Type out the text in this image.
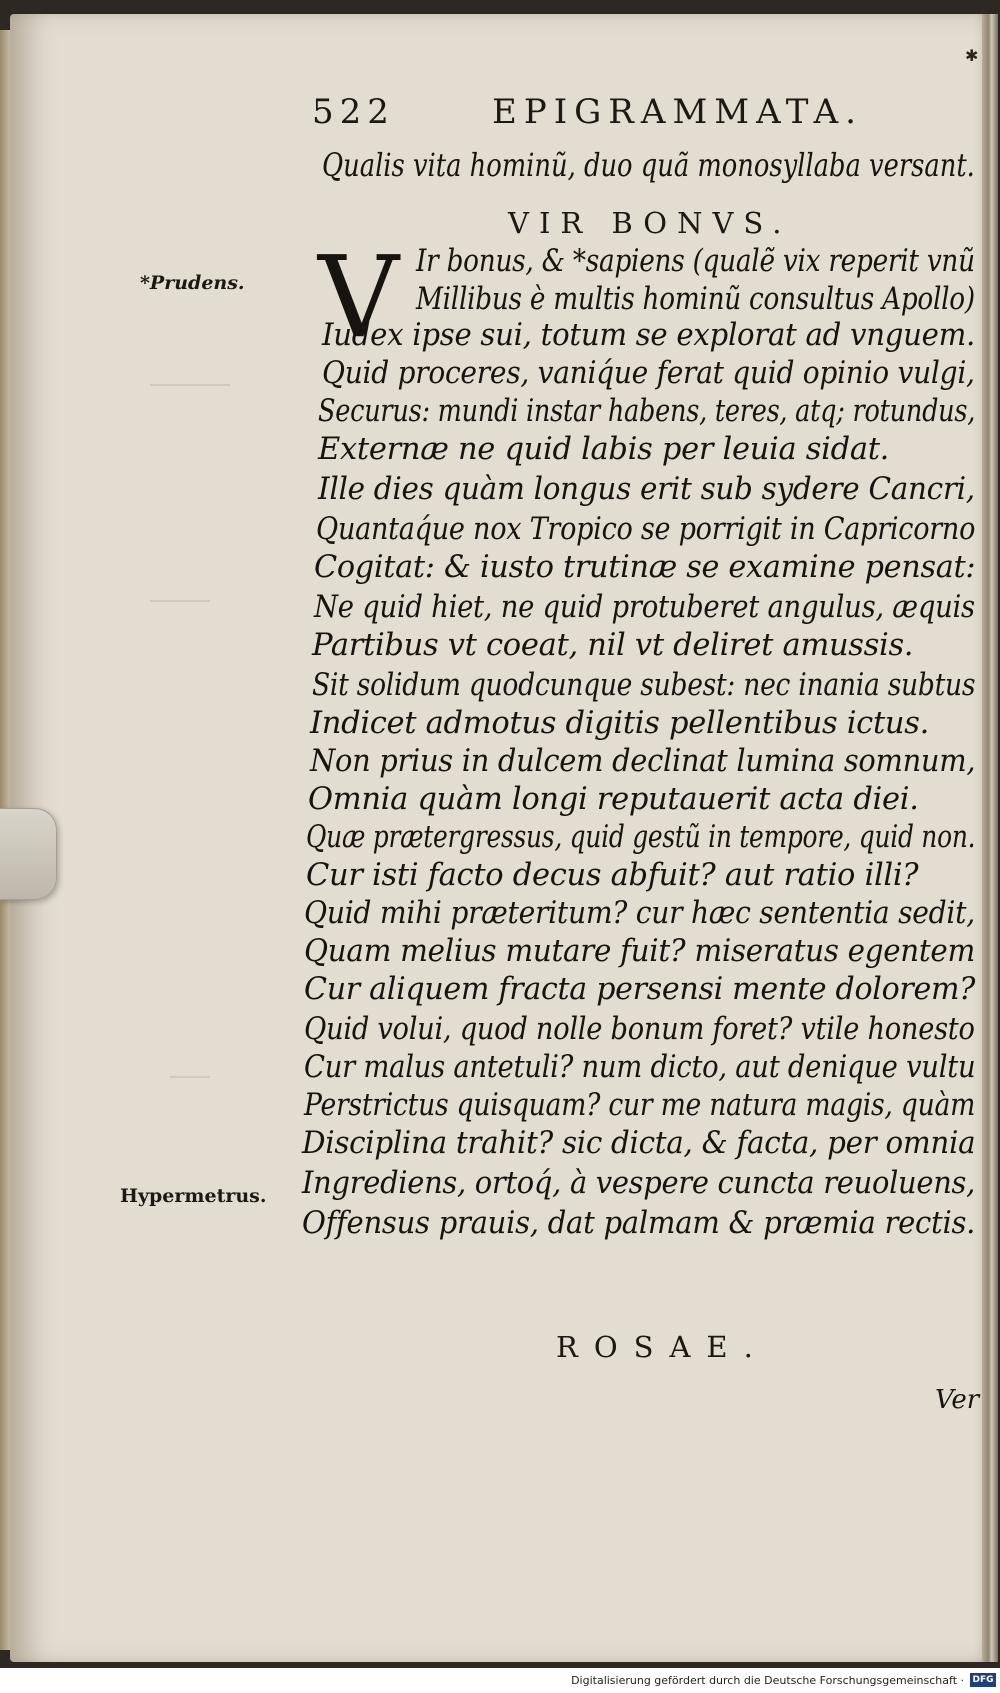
✱
522	EPIGRAMMATA.
Qualis vita hominũ, duo quã monosyllaba versant.
VIR BONVS.
*Prudens.
Hypermetrus.
V Ir bonus, & *sapiens (qualẽ vix reperit vnũ
Millibus è multis hominũ consultus Apollo)
Iudex ipse sui, totum se explorat ad vnguem.
Quid proceres, vaniq́ue ferat quid opinio vulgi,
Securus: mundi instar habens, teres, atq; rotundus,
Externæ ne quid labis per leuia sidat.
Ille dies quàm longus erit sub sydere Cancri,
Quantaq́ue nox Tropico se porrigit in Capricorno
Cogitat: & iusto trutinæ se examine pensat:
Ne quid hiet, ne quid protuberet angulus, æquis
Partibus vt coeat, nil vt deliret amussis.
Sit solidum quodcunque subest: nec inania subtus
Indicet admotus digitis pellentibus ictus.
Non prius in dulcem declinat lumina somnum,
Omnia quàm longi reputauerit acta diei.
Quæ prætergressus, quid gestũ in tempore, quid non.
Cur isti facto decus abfuit? aut ratio illi?
Quid mihi præteritum? cur hæc sententia sedit,
Quam melius mutare fuit? miseratus egentem
Cur aliquem fracta persensi mente dolorem?
Quid volui, quod nolle bonum foret? vtile honesto
Cur malus antetuli? num dicto, aut denique vultu
Perstrictus quisquam? cur me natura magis, quàm
Disciplina trahit? sic dicta, & facta, per omnia
Ingrediens, ortoq́, à vespere cuncta reuoluens,
Offensus prauis, dat palmam & præmia rectis.
ROSAE.
Ver
Digitalisierung gefördert durch die Deutsche Forschungsgemeinschaft · DFG
